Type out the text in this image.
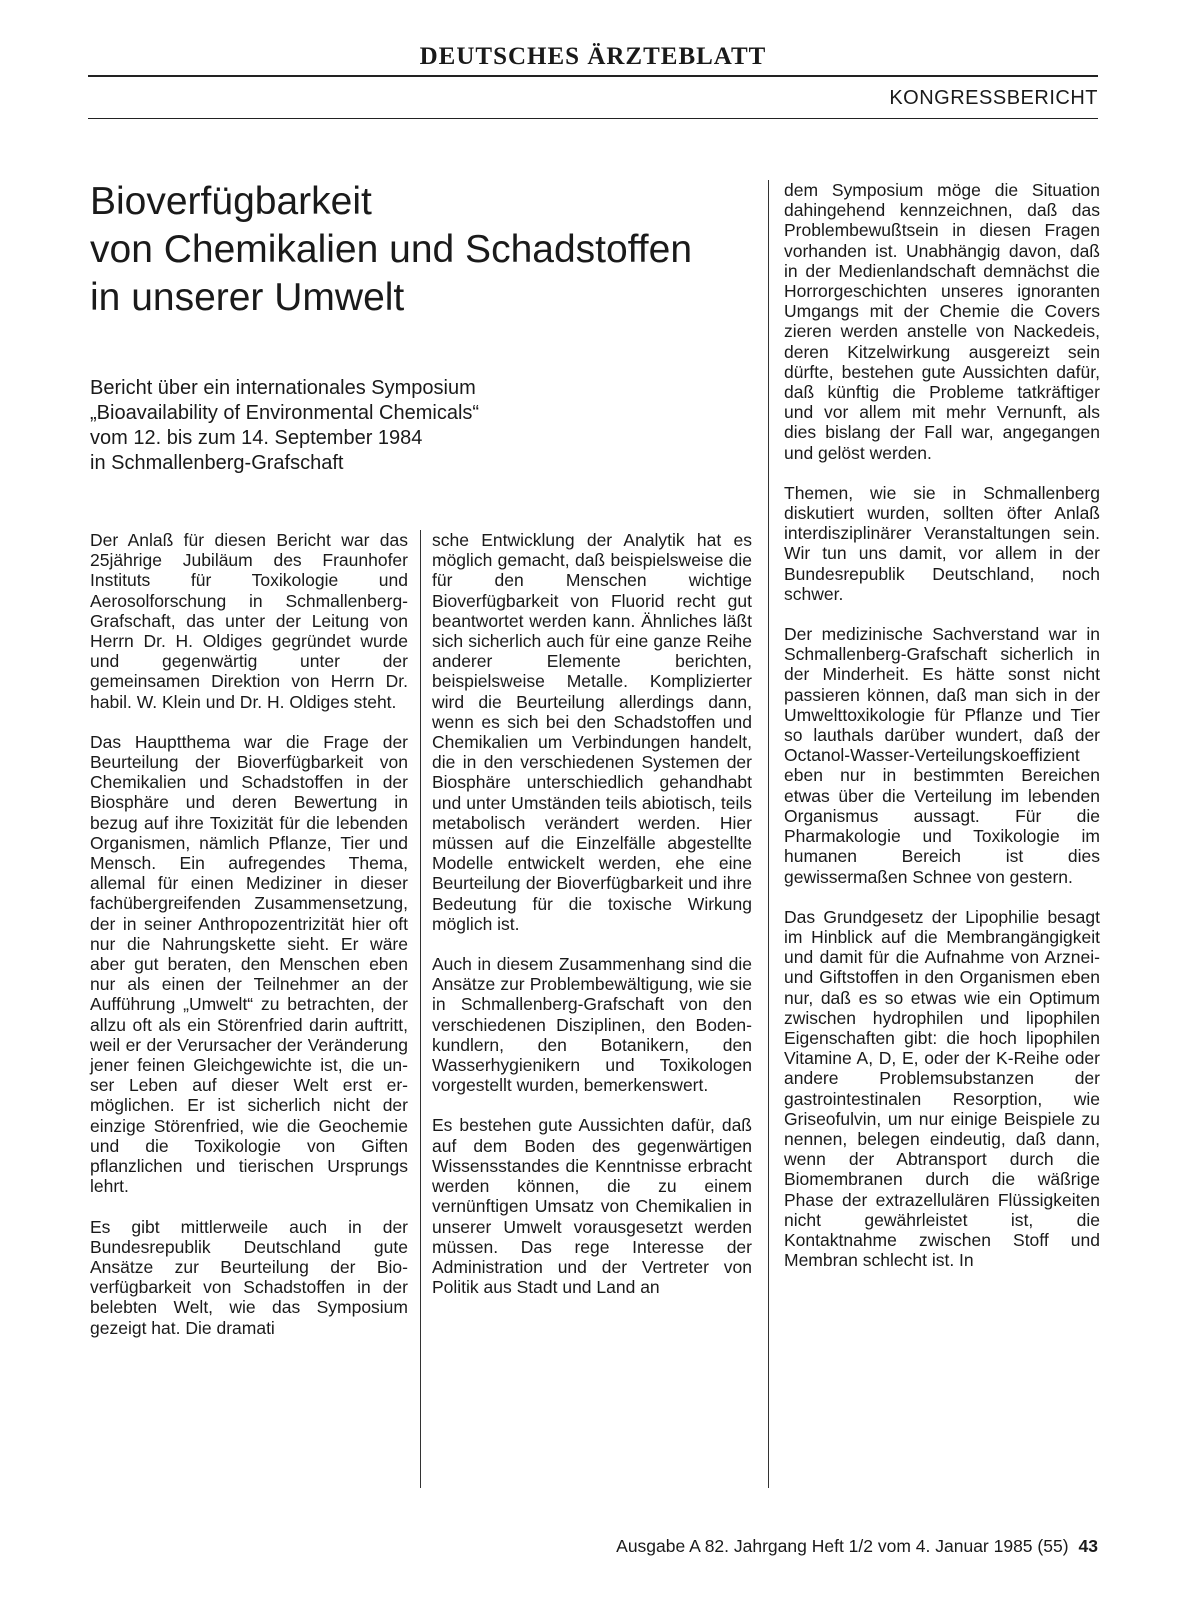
DEUTSCHES ÄRZTEBLATT
KONGRESSBERICHT
Bioverfügbarkeit
von Chemikalien und Schadstoffen
in unserer Umwelt
Bericht über ein internationales Symposium
„Bioavailability of Environmental Chemicals“
vom 12. bis zum 14. September 1984
in Schmallenberg-Grafschaft

Der Anlaß für diesen Bericht war das 25jährige Jubiläum des Fraunhofer Instituts für Toxikologie und Aerosolforschung in Schmallenberg-Grafschaft, das unter der Leitung von Herrn Dr. H. Oldiges gegründet wurde und gegenwärtig unter der gemeinsamen Direktion von Herrn Dr. habil. W. Klein und Dr. H. Oldiges steht.

Das Hauptthema war die Frage der Beurteilung der Bioverfügbarkeit von Chemikalien und Schadstoffen in der Biosphäre und deren Bewertung in bezug auf ihre Toxizität für die lebenden Organismen, nämlich Pflanze, Tier und Mensch. Ein aufregendes Thema, allemal für einen Mediziner in dieser fachübergreifenden Zusammensetzung, der in seiner Anthropozentrizität hier oft nur die Nahrungskette sieht. Er wäre aber gut beraten, den Menschen eben nur als einen der Teilnehmer an der Aufführung „Umwelt“ zu betrachten, der allzu oft als ein Störenfried darin auftritt, weil er der Verursacher der Veränderung jener feinen Gleichgewichte ist, die unser Leben auf dieser Welt erst ermöglichen. Er ist sicherlich nicht der einzige Störenfried, wie die Geochemie und die Toxikologie von Giften pflanzlichen und tierischen Ursprungs lehrt.

Es gibt mittlerweile auch in der Bundesrepublik Deutschland gute Ansätze zur Beurteilung der Bioverfügbarkeit von Schadstoffen in der belebten Welt, wie das Symposium gezeigt hat. Die dramati

sche Entwicklung der Analytik hat es möglich gemacht, daß beispielsweise die für den Menschen wichtige Bioverfügbarkeit von Fluorid recht gut beantwortet werden kann. Ähnliches läßt sich sicherlich auch für eine ganze Reihe anderer Elemente berichten, beispielsweise Metalle. Komplizierter wird die Beurteilung allerdings dann, wenn es sich bei den Schadstoffen und Chemikalien um Verbindungen handelt, die in den verschiedenen Systemen der Biosphäre unterschiedlich gehandhabt und unter Umständen teils abiotisch, teils metabolisch verändert werden. Hier müssen auf die Einzelfälle abgestellte Modelle entwickelt werden, ehe eine Beurteilung der Bioverfügbarkeit und ihre Bedeutung für die toxische Wirkung möglich ist.

Auch in diesem Zusammenhang sind die Ansätze zur Problembewältigung, wie sie in Schmallenberg-Grafschaft von den verschiedenen Disziplinen, den Bodenkundlern, den Botanikern, den Wasserhygienikern und Toxikologen vorgestellt wurden, bemerkenswert.

Es bestehen gute Aussichten dafür, daß auf dem Boden des gegenwärtigen Wissensstandes die Kenntnisse erbracht werden können, die zu einem vernünftigen Umsatz von Chemikalien in unserer Umwelt vorausgesetzt werden müssen. Das rege Interesse der Administration und der Vertreter von Politik aus Stadt und Land an

dem Symposium möge die Situation dahingehend kennzeichnen, daß das Problembewußtsein in diesen Fragen vorhanden ist. Unabhängig davon, daß in der Medienlandschaft demnächst die Horrorgeschichten unseres ignoranten Umgangs mit der Chemie die Covers zieren werden anstelle von Nackedeis, deren Kitzelwirkung ausgereizt sein dürfte, bestehen gute Aussichten dafür, daß künftig die Probleme tatkräftiger und vor allem mit mehr Vernunft, als dies bislang der Fall war, angegangen und gelöst werden.

Themen, wie sie in Schmallenberg diskutiert wurden, sollten öfter Anlaß interdisziplinärer Veranstaltungen sein. Wir tun uns damit, vor allem in der Bundesrepublik Deutschland, noch schwer.

Der medizinische Sachverstand war in Schmallenberg-Grafschaft sicherlich in der Minderheit. Es hätte sonst nicht passieren können, daß man sich in der Umwelttoxikologie für Pflanze und Tier so lauthals darüber wundert, daß der Octanol-Wasser-Verteilungskoeffizient eben nur in bestimmten Bereichen etwas über die Verteilung im lebenden Organismus aussagt. Für die Pharmakologie und Toxikologie im humanen Bereich ist dies gewissermaßen Schnee von gestern.

Das Grundgesetz der Lipophilie besagt im Hinblick auf die Membrangängigkeit und damit für die Aufnahme von Arznei- und Giftstoffen in den Organismen eben nur, daß es so etwas wie ein Optimum zwischen hydrophilen und lipophilen Eigenschaften gibt: die hoch lipophilen Vitamine A, D, E, oder der K-Reihe oder andere Problemsubstanzen der gastrointestinalen Resorption, wie Griseofulvin, um nur einige Beispiele zu nennen, belegen eindeutig, daß dann, wenn der Abtransport durch die Biomembranen durch die wäßrige Phase der extrazellulären Flüssigkeiten nicht gewährleistet ist, die Kontaktnahme zwischen Stoff und Membran schlecht ist. In

Ausgabe A 82. Jahrgang Heft 1/2 vom 4. Januar 1985 (55) 43
